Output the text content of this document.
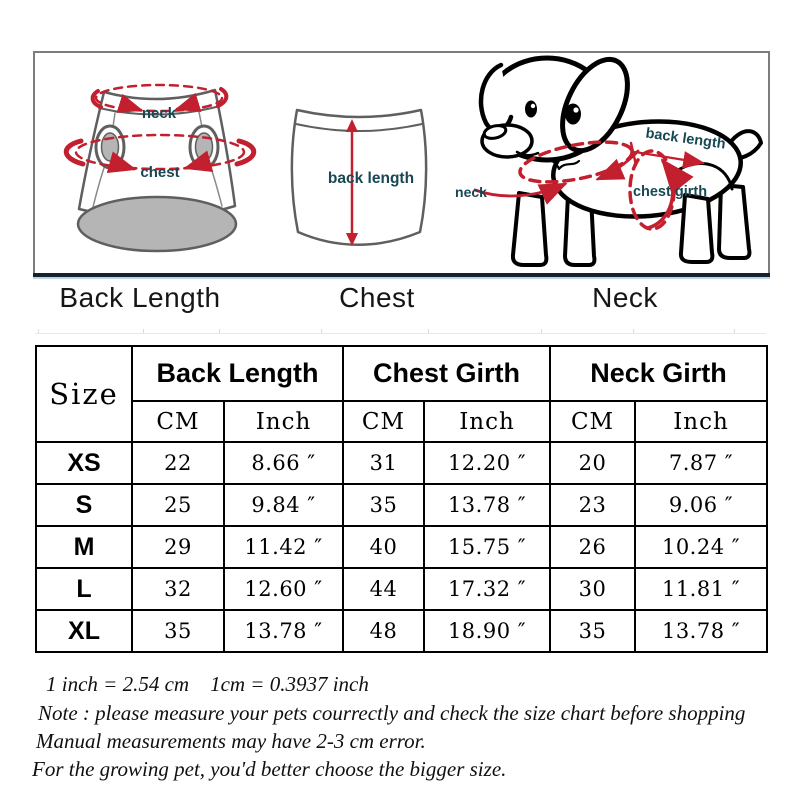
neck
chest	back length
neck
back length
chest girth
Back Length	Chest	Neck
Size	Back Length		Chest Girth		Neck Girth	
	CM	Inch	CM	Inch	CM	Inch
XS	22	8.66 ″	31	12.20 ″	20	7.87 ″
S	25	9.84 ″	35	13.78 ″	23	9.06 ″
M	29	11.42 ″	40	15.75 ″	26	10.24 ″
L	32	12.60 ″	44	17.32 ″	30	11.81 ″
XL	35	13.78 ″	48	18.90 ″	35	13.78 ″
1 inch = 2.54 cm    1cm = 0.3937 inch
Note : please measure your pets courrectly and check the size chart before shopping
Manual measurements may have 2-3 cm error.
For the growing pet, you'd better choose the bigger size.
